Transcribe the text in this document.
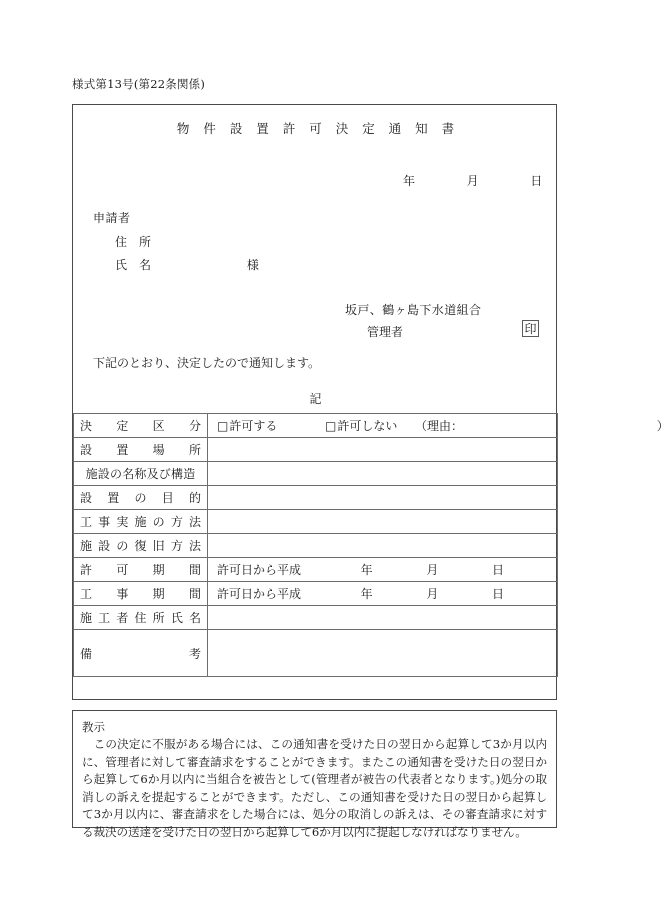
様式第13号(第22条関係)
物 件 設 置 許 可 決 定 通 知 書
年	月	日
申請者
住　所
氏　名	様
坂戸、鶴ヶ島下水道組合
管理者	印
下記のとおり、決定したので通知します。
記
決定区分	□許可する □許可しない （理由： ）
設置場所	
施設の名称及び構造	
設置の目的	
工事実施の方法	
施設の復旧方法	
許可期間	許可日から平成 年 月 日
工事期間	許可日から平成 年 月 日
施工者住所氏名	
備考	
教示

この決定に不服がある場合には、この通知書を受けた日の翌日から起算して3か月以内に、管理者に対して審査請求をすることができます。またこの通知書を受けた日の翌日から起算して6か月以内に当組合を被告として(管理者が被告の代表者となります。)処分の取消しの訴えを提起することができます。ただし、この通知書を受けた日の翌日から起算して3か月以内に、審査請求をした場合には、処分の取消しの訴えは、その審査請求に対する裁決の送達を受けた日の翌日から起算して6か月以内に提起しなければなりません。
